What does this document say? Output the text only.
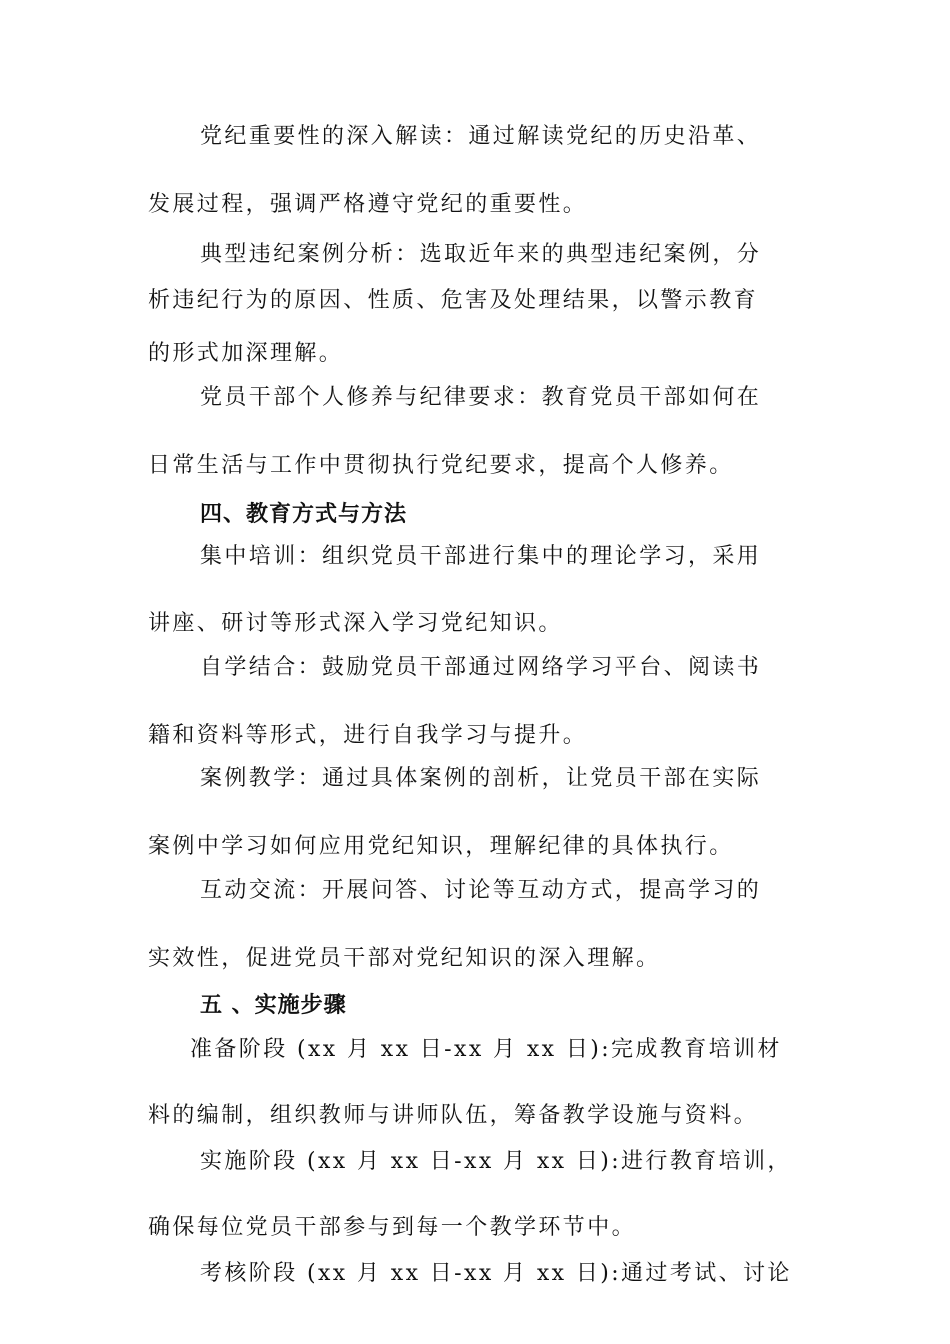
党纪重要性的深入解读：通过解读党纪的历史沿革、
发展过程，强调严格遵守党纪的重要性。
典型违纪案例分析：选取近年来的典型违纪案例，分
析违纪行为的原因、性质、危害及处理结果，以警示教育
的形式加深理解。
党员干部个人修养与纪律要求：教育党员干部如何在
日常生活与工作中贯彻执行党纪要求，提高个人修养。
四、教育方式与方法
集中培训：组织党员干部进行集中的理论学习，采用
讲座、研讨等形式深入学习党纪知识。
自学结合：鼓励党员干部通过网络学习平台、阅读书
籍和资料等形式，进行自我学习与提升。
案例教学：通过具体案例的剖析，让党员干部在实际
案例中学习如何应用党纪知识，理解纪律的具体执行。
互动交流：开展问答、讨论等互动方式，提高学习的
实效性，促进党员干部对党纪知识的深入理解。
五 、实施步骤
准备阶段 (xx 月 xx 日-xx 月 xx 日):完成教育培训材
料的编制，组织教师与讲师队伍，筹备教学设施与资料。
实施阶段 (xx 月 xx 日-xx 月 xx 日):进行教育培训，
确保每位党员干部参与到每一个教学环节中。
考核阶段 (xx 月 xx 日-xx 月 xx 日):通过考试、讨论
